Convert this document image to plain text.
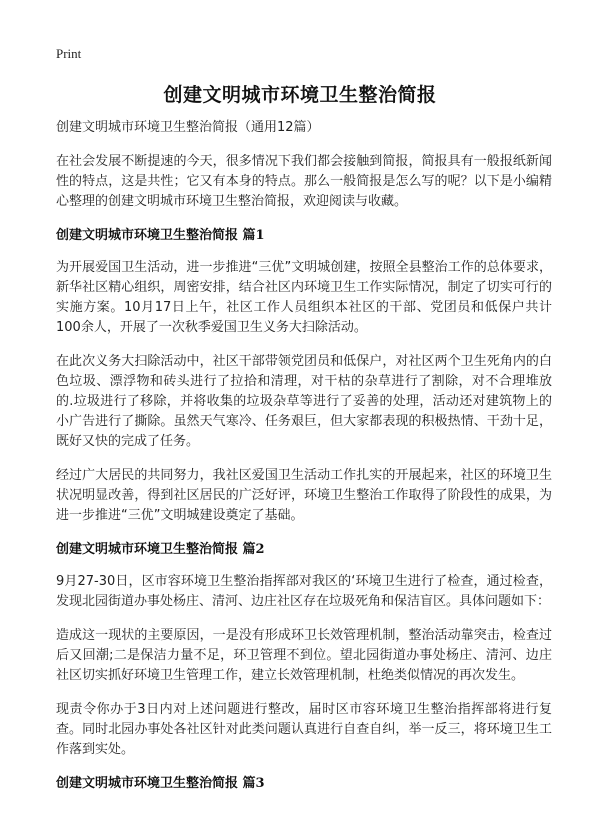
Print
创建文明城市环境卫生整治简报

创建文明城市环境卫生整治简报（通用12篇）

在社会发展不断提速的今天，很多情况下我们都会接触到简报，简报具有一般报纸新闻性的特点，这是共性；它又有本身的特点。那么一般简报是怎么写的呢？以下是小编精心整理的创建文明城市环境卫生整治简报，欢迎阅读与收藏。

创建文明城市环境卫生整治简报 篇1

为开展爱国卫生活动，进一步推进“三优”文明城创建，按照全县整治工作的总体要求，新华社区精心组织，周密安排，结合社区内环境卫生工作实际情况，制定了切实可行的实施方案。10月17日上午，社区工作人员组织本社区的干部、党团员和低保户共计100余人，开展了一次秋季爱国卫生义务大扫除活动。

在此次义务大扫除活动中，社区干部带领党团员和低保户，对社区两个卫生死角内的白色垃圾、漂浮物和砖头进行了拉拾和清理，对干枯的杂草进行了割除，对不合理堆放的.垃圾进行了移除，并将收集的垃圾杂草等进行了妥善的处理，活动还对建筑物上的小广告进行了撕除。虽然天气寒冷、任务艰巨，但大家都表现的积极热情、干劲十足，既好又快的完成了任务。

经过广大居民的共同努力，我社区爱国卫生活动工作扎实的开展起来，社区的环境卫生状况明显改善，得到社区居民的广泛好评，环境卫生整治工作取得了阶段性的成果，为进一步推进“三优”文明城建设奠定了基础。

创建文明城市环境卫生整治简报 篇2

9月27-30日，区市容环境卫生整治指挥部对我区的‘环境卫生进行了检查，通过检查，发现北园街道办事处杨庄、清河、边庄社区存在垃圾死角和保洁盲区。具体问题如下：

造成这一现状的主要原因，一是没有形成环卫长效管理机制，整治活动靠突击，检查过后又回潮;二是保洁力量不足，环卫管理不到位。望北园街道办事处杨庄、清河、边庄社区切实抓好环境卫生管理工作，建立长效管理机制，杜绝类似情况的再次发生。

现责令你办于3日内对上述问题进行整改，届时区市容环境卫生整治指挥部将进行复查。同时北园办事处各社区针对此类问题认真进行自查自纠，举一反三，将环境卫生工作落到实处。

创建文明城市环境卫生整治简报 篇3
